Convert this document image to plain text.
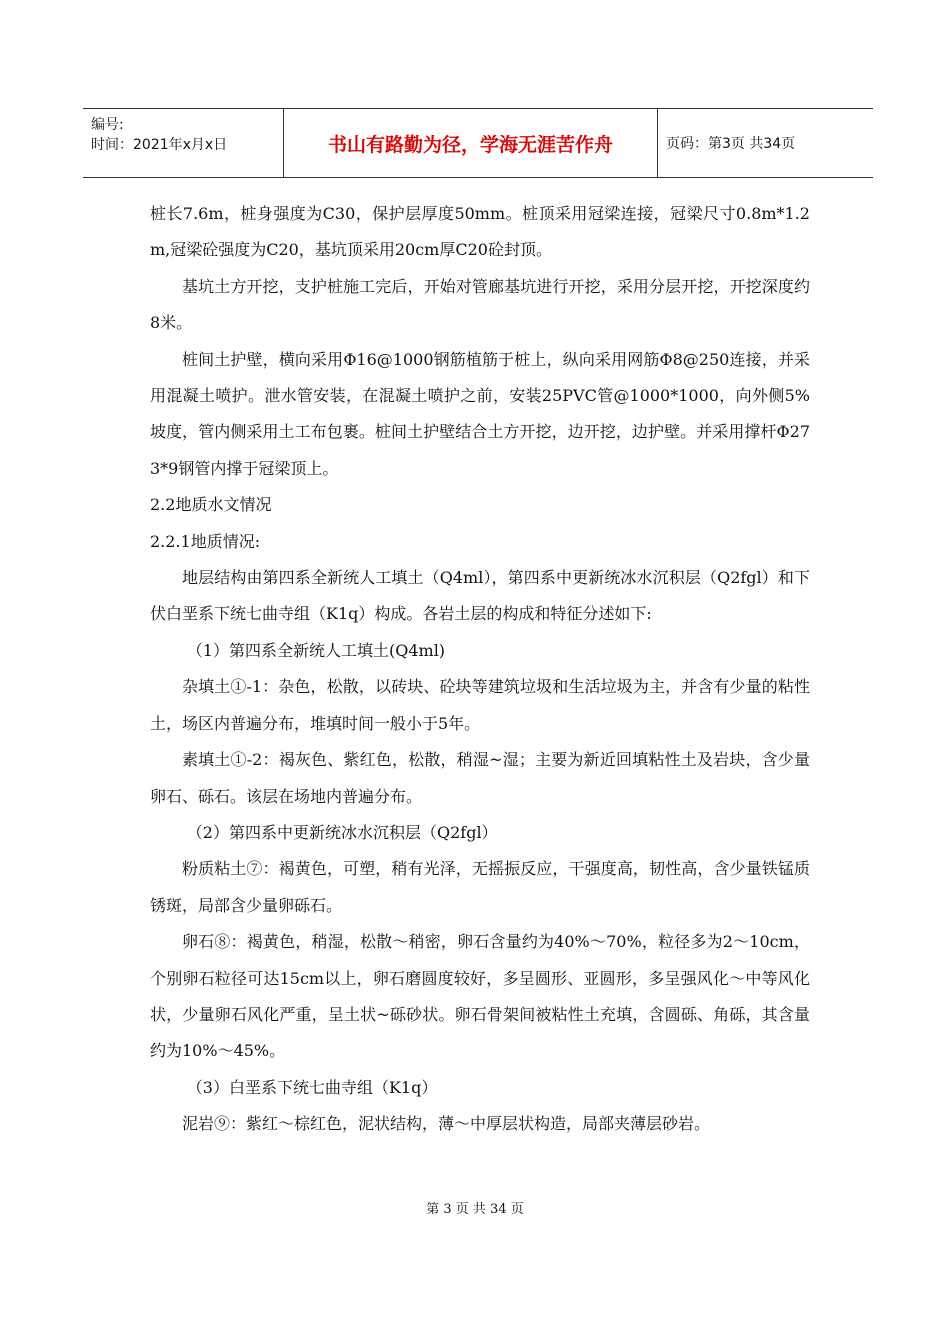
编号:
时间：2021年x月x日	书山有路勤为径，学海无涯苦作舟	页码：第3页 共34页

桩长7.6m，桩身强度为C30，保护层厚度50mm。桩顶采用冠梁连接，冠梁尺寸0.8m*1.2m,冠梁砼强度为C20，基坑顶采用20cm厚C20砼封顶。

基坑土方开挖，支护桩施工完后，开始对管廊基坑进行开挖，采用分层开挖，开挖深度约8米。

桩间土护壁，横向采用Φ16@1000钢筋植筋于桩上，纵向采用网筋Φ8@250连接，并采用混凝土喷护。泄水管安装，在混凝土喷护之前，安装25PVC管@1000*1000，向外侧5%坡度，管内侧采用土工布包裹。桩间土护壁结合土方开挖，边开挖，边护壁。并采用撑杆Φ273*9钢管内撑于冠梁顶上。

2.2地质水文情况

2.2.1地质情况:

地层结构由第四系全新统人工填土（Q4ml），第四系中更新统冰水沉积层（Q2fgl）和下伏白垩系下统七曲寺组（K1q）构成。各岩土层的构成和特征分述如下:

（1）第四系全新统人工填土(Q4ml)

杂填土①-1：杂色，松散，以砖块、砼块等建筑垃圾和生活垃圾为主，并含有少量的粘性土，场区内普遍分布，堆填时间一般小于5年。

素填土①-2：褐灰色、紫红色，松散，稍湿~湿；主要为新近回填粘性土及岩块，含少量卵石、砾石。该层在场地内普遍分布。

（2）第四系中更新统冰水沉积层（Q2fgl）

粉质粘土⑦：褐黄色，可塑，稍有光泽，无摇振反应，干强度高，韧性高，含少量铁锰质锈斑，局部含少量卵砾石。

卵石⑧：褐黄色，稍湿，松散～稍密，卵石含量约为40%～70%，粒径多为2～10cm，个别卵石粒径可达15cm以上，卵石磨圆度较好，多呈圆形、亚圆形，多呈强风化～中等风化状，少量卵石风化严重，呈土状~砾砂状。卵石骨架间被粘性土充填，含圆砾、角砾，其含量约为10%～45%。

（3）白垩系下统七曲寺组（K1q）

泥岩⑨：紫红～棕红色，泥状结构，薄～中厚层状构造，局部夹薄层砂岩。

第 3 页 共 34 页
